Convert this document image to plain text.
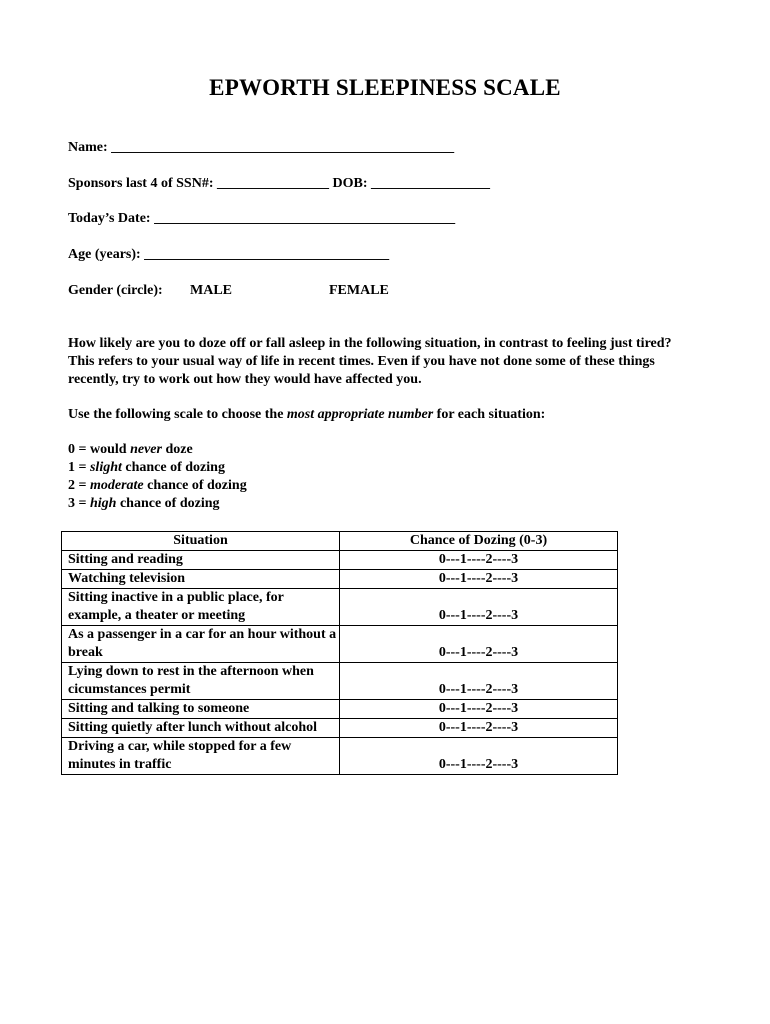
EPWORTH SLEEPINESS SCALE
Name: _________________________________________________
Sponsors last 4 of SSN#: ________________ DOB: _________________
Today’s Date: ___________________________________________
Age (years): ___________________________________
Gender (circle): MALE	FEMALE
How likely are you to doze off or fall asleep in the following situation, in contrast to feeling just tired? This refers to your usual way of life in recent times. Even if you have not done some of these things recently, try to work out how they would have affected you.
Use the following scale to choose the most appropriate number for each situation:
0 = would never doze
1 = slight chance of dozing
2 = moderate chance of dozing
3 = high chance of dozing
Situation	Chance of Dozing (0-3)
Sitting and reading	0---1----2----3
Watching television	0---1----2----3
Sitting inactive in a public place, for example, a theater or meeting	0---1----2----3
As a passenger in a car for an hour without a break	0---1----2----3
Lying down to rest in the afternoon when cicumstances permit	0---1----2----3
Sitting and talking to someone	0---1----2----3
Sitting quietly after lunch without alcohol	0---1----2----3
Driving a car, while stopped for a few minutes in traffic	0---1----2----3
